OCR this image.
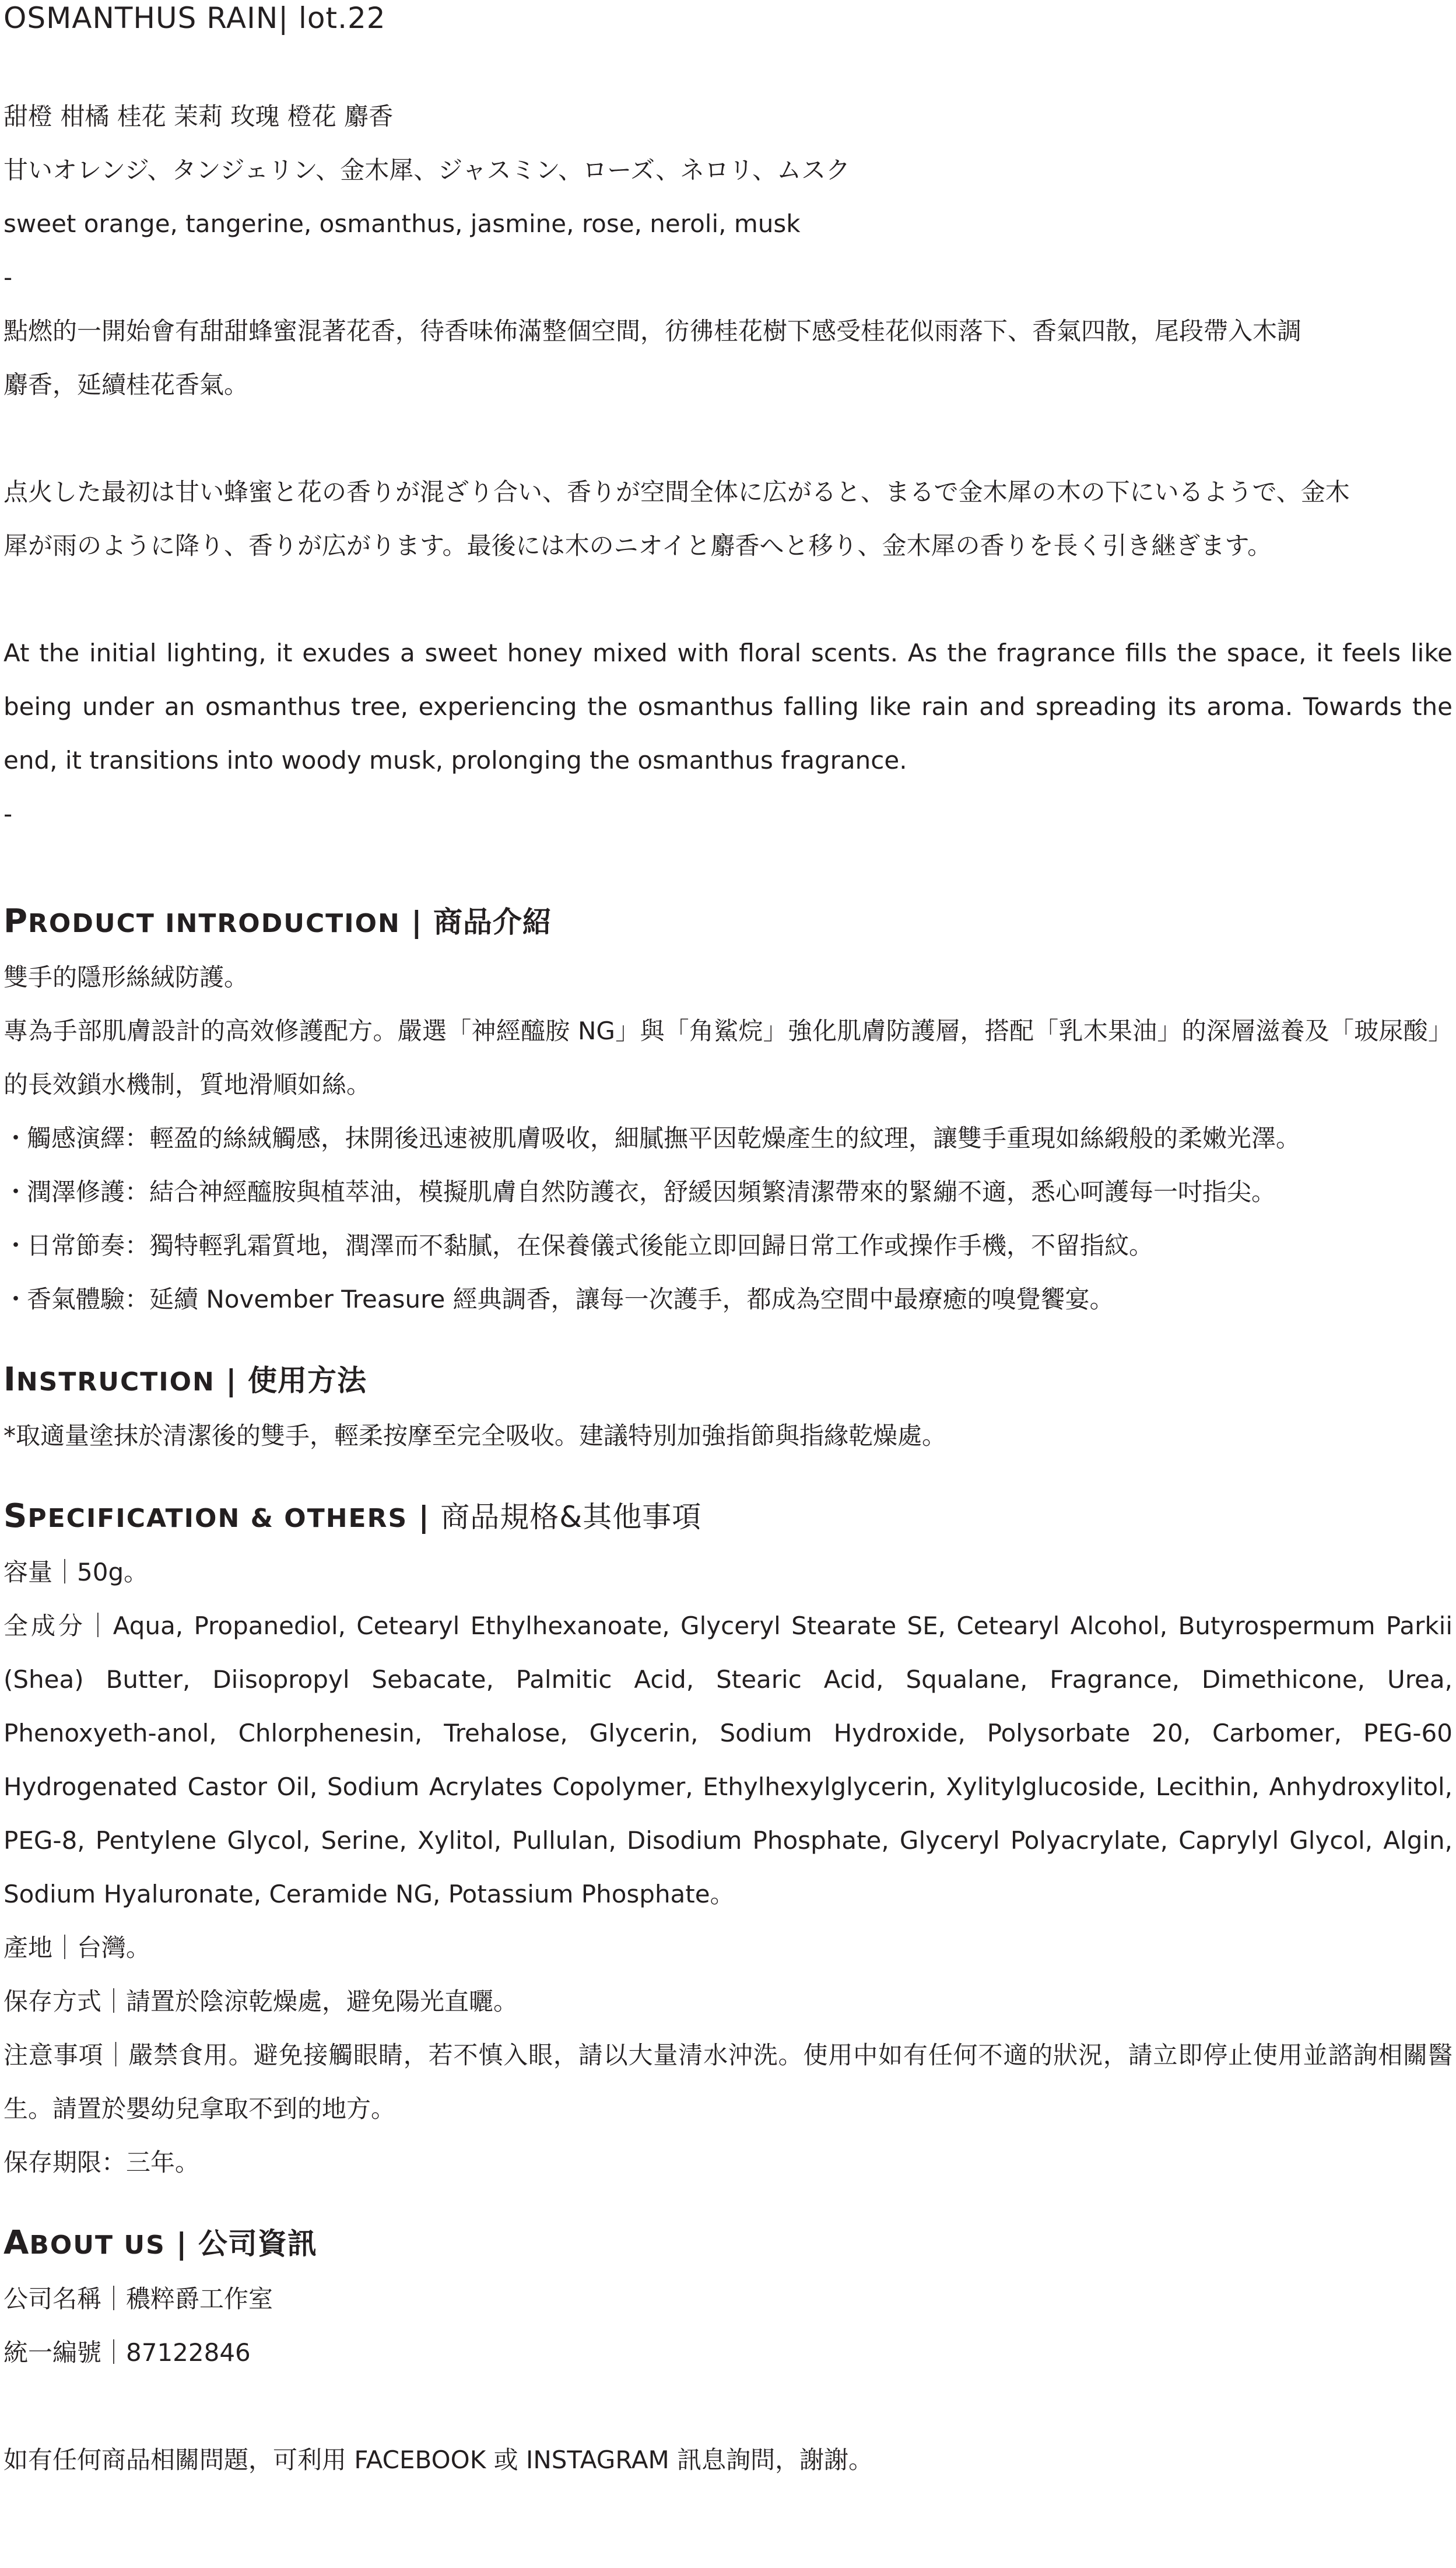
OSMANTHUS RAIN| lot.22
甜橙 柑橘 桂花 茉莉 玫瑰 橙花 麝香
甘いオレンジ、タンジェリン、金木犀、ジャスミン、ローズ、ネロリ、ムスク
sweet orange, tangerine, osmanthus, jasmine, rose, neroli, musk
-
點燃的一開始會有甜甜蜂蜜混著花香，待香味佈滿整個空間，彷彿桂花樹下感受桂花似雨落下、香氣四散，尾段帶入木調
麝香，延續桂花香氣。
点火した最初は甘い蜂蜜と花の香りが混ざり合い、香りが空間全体に広がると、まるで金木犀の木の下にいるようで、金木
犀が雨のように降り、香りが広がります。最後には木のニオイと麝香へと移り、金木犀の香りを長く引き継ぎます。
At the initial lighting, it exudes a sweet honey mixed with floral scents. As the fragrance fills the space, it feels like being under an osmanthus tree, experiencing the osmanthus falling like rain and spreading its aroma. Towards the end, it transitions into woody musk, prolonging the osmanthus fragrance.
-
PRODUCT INTRODUCTION | 商品介紹
雙手的隱形絲絨防護。
專為手部肌膚設計的高效修護配方。嚴選「神經醯胺 NG」與「角鯊烷」強化肌膚防護層，搭配「乳木果油」的深層滋養及「玻尿酸」的長效鎖水機制，質地滑順如絲。
・觸感演繹：輕盈的絲絨觸感，抹開後迅速被肌膚吸收，細膩撫平因乾燥產生的紋理，讓雙手重現如絲緞般的柔嫩光澤。
・潤澤修護：結合神經醯胺與植萃油，模擬肌膚自然防護衣，舒緩因頻繁清潔帶來的緊繃不適，悉心呵護每一吋指尖。
・日常節奏：獨特輕乳霜質地，潤澤而不黏膩，在保養儀式後能立即回歸日常工作或操作手機，不留指紋。
・香氣體驗：延續 November Treasure 經典調香，讓每一次護手，都成為空間中最療癒的嗅覺饗宴。
INSTRUCTION | 使用方法
*取適量塗抹於清潔後的雙手，輕柔按摩至完全吸收。建議特別加強指節與指緣乾燥處。
SPECIFICATION & OTHERS | 商品規格&其他事項
容量｜50g。
全成分｜Aqua, Propanediol, Cetearyl Ethylhexanoate, Glyceryl Stearate SE, Cetearyl Alcohol, Butyrospermum Parkii (Shea) Butter, Diisopropyl Sebacate, Palmitic Acid, Stearic Acid, Squalane, Fragrance, Dimethicone, Urea, Phenoxyeth-anol, Chlorphenesin, Trehalose, Glycerin, Sodium Hydroxide, Polysorbate 20, Carbomer, PEG-60 Hydrogenated Castor Oil, Sodium Acrylates Copolymer, Ethylhexylglycerin, Xylitylglucoside, Lecithin, Anhydroxylitol, PEG-8, Pentylene Glycol, Serine, Xylitol, Pullulan, Disodium Phosphate, Glyceryl Polyacrylate, Caprylyl Glycol, Algin, Sodium Hyaluronate, Ceramide NG, Potassium Phosphate。
產地｜台灣。
保存方式｜請置於陰涼乾燥處，避免陽光直曬。
注意事項｜嚴禁食用。避免接觸眼睛，若不慎入眼，請以大量清水沖洗。使用中如有任何不適的狀況，請立即停止使用並諮詢相關醫生。請置於嬰幼兒拿取不到的地方。
保存期限：三年。
ABOUT US | 公司資訊
公司名稱｜穠粹爵工作室
統一編號｜87122846
如有任何商品相關問題，可利用 FACEBOOK 或 INSTAGRAM 訊息詢問，謝謝。
